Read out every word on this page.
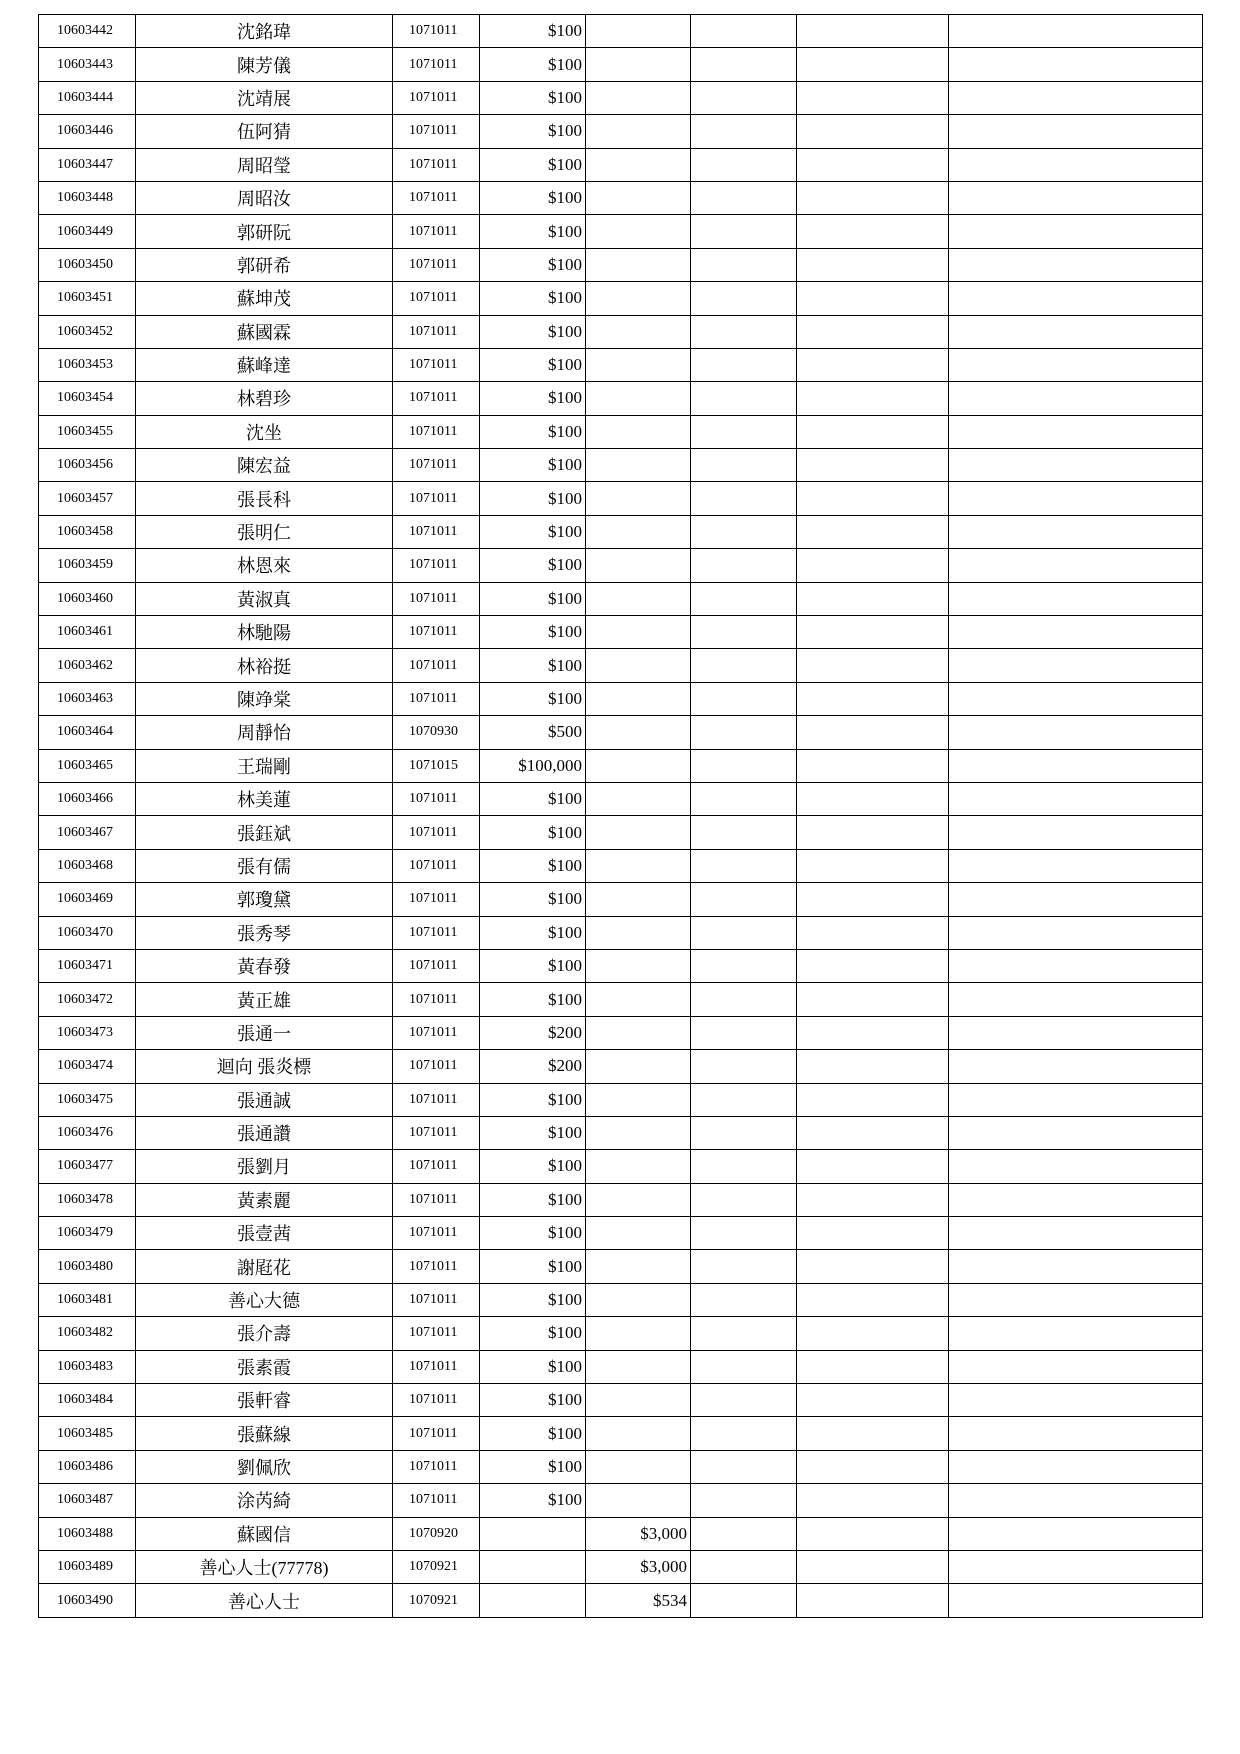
10603442	沈銘瑋	1071011	$100				
10603443	陳芳儀	1071011	$100				
10603444	沈靖展	1071011	$100				
10603446	伍阿猜	1071011	$100				
10603447	周昭瑩	1071011	$100				
10603448	周昭汝	1071011	$100				
10603449	郭研阮	1071011	$100				
10603450	郭研希	1071011	$100				
10603451	蘇坤茂	1071011	$100				
10603452	蘇國霖	1071011	$100				
10603453	蘇峰達	1071011	$100				
10603454	林碧珍	1071011	$100				
10603455	沈坐	1071011	$100				
10603456	陳宏益	1071011	$100				
10603457	張長科	1071011	$100				
10603458	張明仁	1071011	$100				
10603459	林恩來	1071011	$100				
10603460	黃淑真	1071011	$100				
10603461	林馳陽	1071011	$100				
10603462	林裕挺	1071011	$100				
10603463	陳竫棠	1071011	$100				
10603464	周靜怡	1070930	$500				
10603465	王瑞剛	1071015	$100,000				
10603466	林美蓮	1071011	$100				
10603467	張鈺斌	1071011	$100				
10603468	張有儒	1071011	$100				
10603469	郭瓊黛	1071011	$100				
10603470	張秀琴	1071011	$100				
10603471	黃春發	1071011	$100				
10603472	黃正雄	1071011	$100				
10603473	張通一	1071011	$200				
10603474	迴向 張炎標	1071011	$200				
10603475	張通誠	1071011	$100				
10603476	張通讚	1071011	$100				
10603477	張劉月	1071011	$100				
10603478	黃素麗	1071011	$100				
10603479	張壹茜	1071011	$100				
10603480	謝屘花	1071011	$100				
10603481	善心大德	1071011	$100				
10603482	張介壽	1071011	$100				
10603483	張素霞	1071011	$100				
10603484	張軒睿	1071011	$100				
10603485	張蘇線	1071011	$100				
10603486	劉佩欣	1071011	$100				
10603487	涂芮綺	1071011	$100				
10603488	蘇國信	1070920		$3,000			
10603489	善心人士(77778)	1070921		$3,000			
10603490	善心人士	1070921		$534			
